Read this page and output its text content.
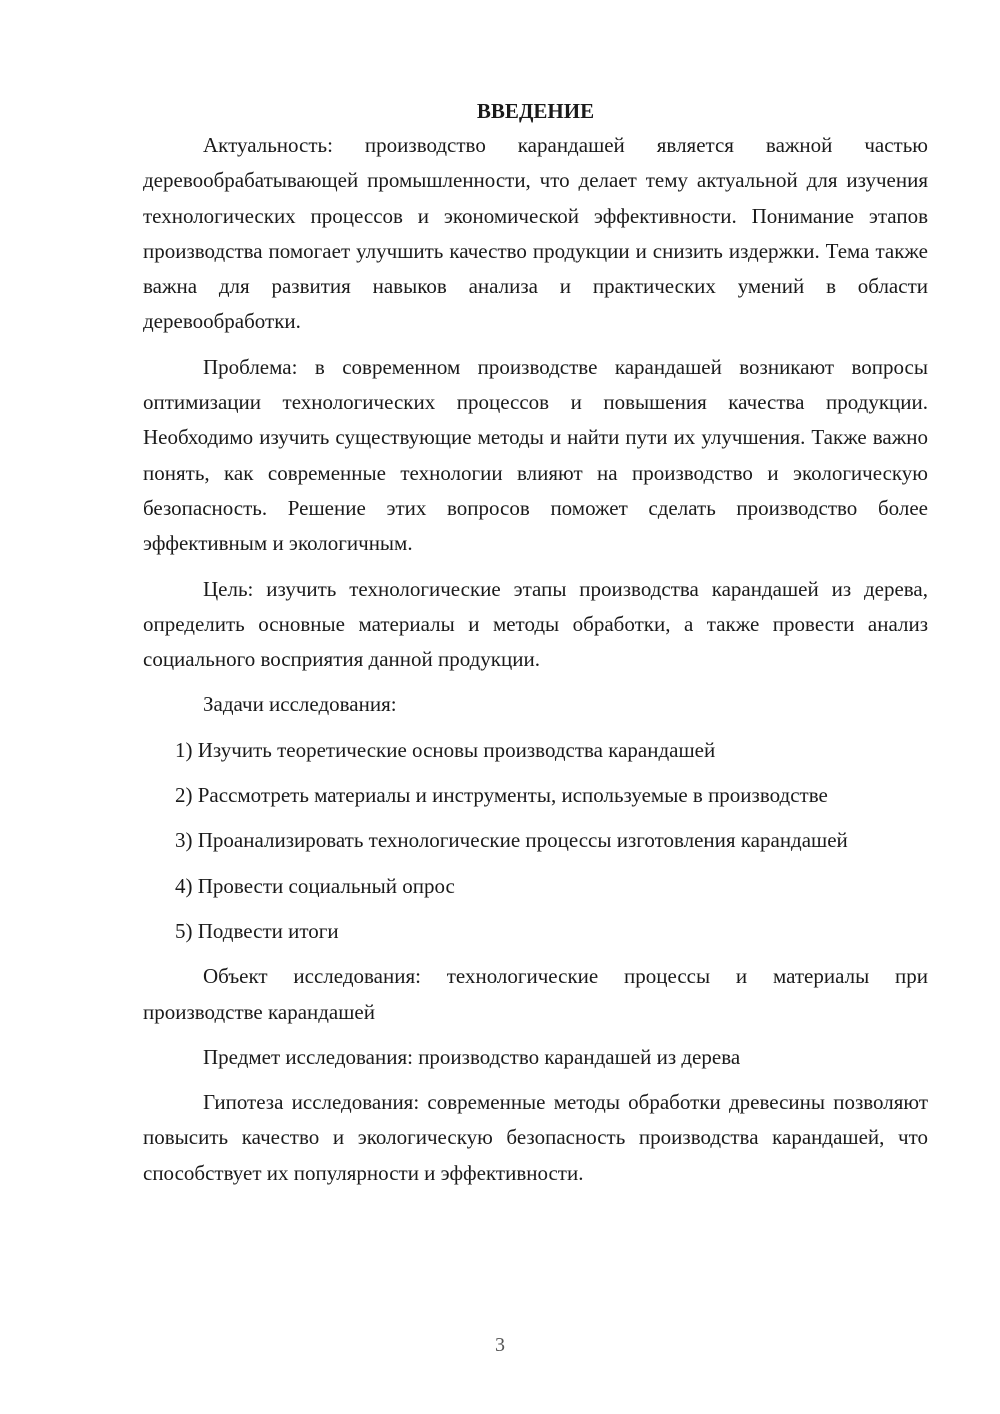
ВВЕДЕНИЕ

Актуальность: производство карандашей является важной частью деревообрабатывающей промышленности, что делает тему актуальной для изучения технологических процессов и экономической эффективности. Понимание этапов производства помогает улучшить качество продукции и снизить издержки. Тема также важна для развития навыков анализа и практических умений в области деревообработки.

Проблема: в современном производстве карандашей возникают вопросы оптимизации технологических процессов и повышения качества продукции. Необходимо изучить существующие методы и найти пути их улучшения. Также важно понять, как современные технологии влияют на производство и экологическую безопасность. Решение этих вопросов поможет сделать производство более эффективным и экологичным.

Цель: изучить технологические этапы производства карандашей из дерева, определить основные материалы и методы обработки, а также провести анализ социального восприятия данной продукции.

Задачи исследования:

1) Изучить теоретические основы производства карандашей

2) Рассмотреть материалы и инструменты, используемые в производстве

3) Проанализировать технологические процессы изготовления карандашей

4) Провести социальный опрос

5) Подвести итоги

Объект исследования: технологические процессы и материалы при производстве карандашей

Предмет исследования: производство карандашей из дерева

Гипотеза исследования: современные методы обработки древесины позволяют повысить качество и экологическую безопасность производства карандашей, что способствует их популярности и эффективности.

3
